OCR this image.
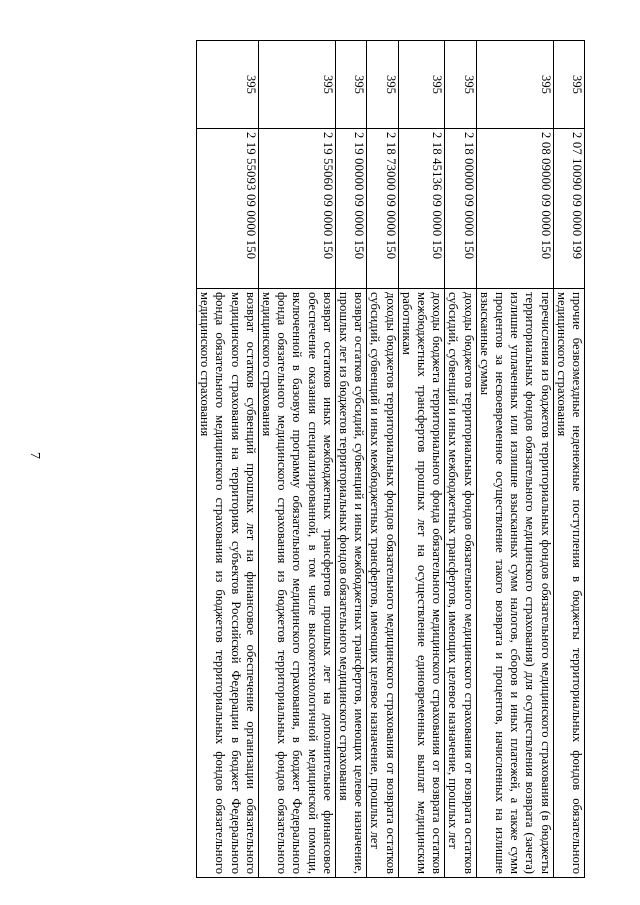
7
395	2 07 10090 09 0000 199	прочие безвозмездные неденежные поступления в бюджеты территориальных фондов обязательного медицинского страхования
395	2 08 09000 09 0000 150	перечисления из бюджетов территориальных фондов обязательного медицинского страхования (в бюджеты территориальных фондов обязательного медицинского страхования) для осуществления возврата (зачета) излишне уплаченных или излишне взысканных сумм налогов, сборов и иных платежей, а также сумм процентов за несвоевременное осуществление такого возврата и процентов, начисленных на излишне взысканные суммы
395	2 18 00000 09 0000 150	доходы бюджетов территориальных фондов обязательного медицинского страхования от возврата остатков субсидий, субвенций и иных межбюджетных трансфертов, имеющих целевое назначение, прошлых лет
395	2 18 45136 09 0000 150	доходы бюджета территориального фонда обязательного медицинского страхования от возврата остатков межбюджетных трансфертов прошлых лет на осуществление единовременных выплат медицинским работникам
395	2 18 73000 09 0000 150	доходы бюджетов территориальных фондов обязательного медицинского страхования от возврата остатков субсидий, субвенций и иных межбюджетных трансфертов, имеющих целевое назначение, прошлых лет
395	2 19 00000 09 0000 150	возврат остатков субсидий, субвенций и иных межбюджетных трансфертов, имеющих целевое назначение, прошлых лет из бюджетов территориальных фондов обязательного медицинского страхования
395	2 19 55060 09 0000 150	возврат остатков иных межбюджетных трансфертов прошлых лет на дополнительное финансовое обеспечение оказания специализированной, в том числе высокотехнологичной медицинской помощи, включенной в базовую программу обязательного медицинского страхования, в бюджет Федерального фонда обязательного медицинского страхования из бюджетов территориальных фондов обязательного медицинского страхования
395	2 19 55093 09 0000 150	возврат остатков субвенций прошлых лет на финансовое обеспечение организации обязательного медицинского страхования на территориях субъектов Российской Федерации в бюджет Федерального фонда обязательного медицинского страхования из бюджетов территориальных фондов обязательного медицинского страхования
